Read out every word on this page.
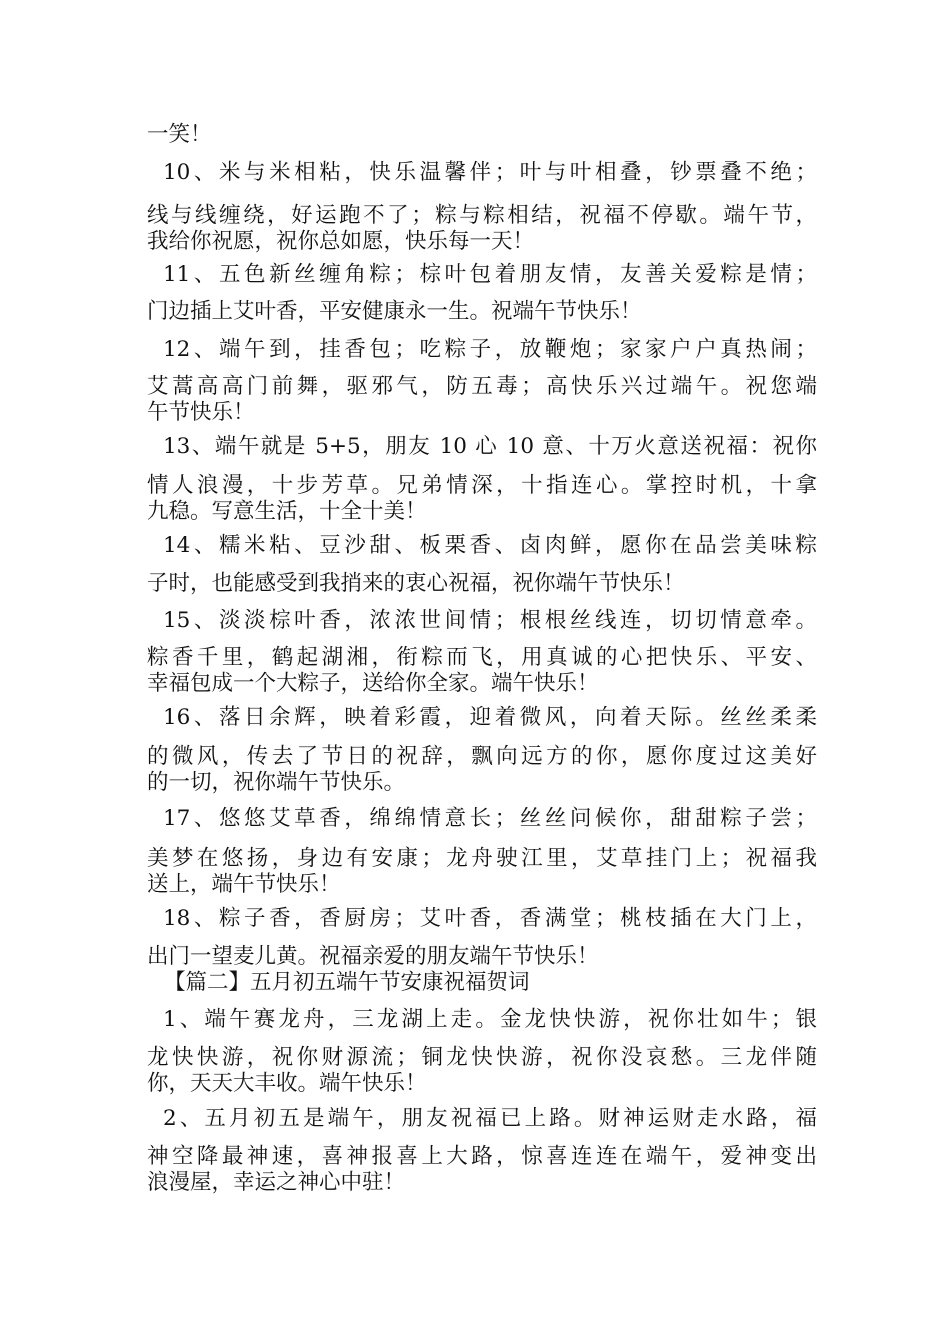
一笑！
10、米与米相粘，快乐温馨伴；叶与叶相叠，钞票叠不绝；
线与线缠绕，好运跑不了；粽与粽相结，祝福不停歇。端午节，
我给你祝愿，祝你总如愿，快乐每一天！
11、五色新丝缠角粽；棕叶包着朋友情，友善关爱粽是情；
门边插上艾叶香，平安健康永一生。祝端午节快乐！
12、端午到，挂香包；吃粽子，放鞭炮；家家户户真热闹；
艾蒿高高门前舞，驱邪气，防五毒；高快乐兴过端午。祝您端
午节快乐！
13、端午就是 5+5，朋友 10 心 10 意、十万火意送祝福：祝你
情人浪漫，十步芳草。兄弟情深，十指连心。掌控时机，十拿
九稳。写意生活，十全十美！
14、糯米粘、豆沙甜、板栗香、卤肉鲜，愿你在品尝美味粽
子时，也能感受到我捎来的衷心祝福，祝你端午节快乐！
15、淡淡棕叶香，浓浓世间情；根根丝线连，切切情意牵。
粽香千里，鹤起湖湘，衔粽而飞，用真诚的心把快乐、平安、
幸福包成一个大粽子，送给你全家。端午快乐！
16、落日余辉，映着彩霞，迎着微风，向着天际。丝丝柔柔
的微风，传去了节日的祝辞，飘向远方的你，愿你度过这美好
的一切，祝你端午节快乐。
17、悠悠艾草香，绵绵情意长；丝丝问候你，甜甜粽子尝；
美梦在悠扬，身边有安康；龙舟驶江里，艾草挂门上；祝福我
送上，端午节快乐！
18、粽子香，香厨房；艾叶香，香满堂；桃枝插在大门上，
出门一望麦儿黄。祝福亲爱的朋友端午节快乐！
【篇二】五月初五端午节安康祝福贺词
1、端午赛龙舟，三龙湖上走。金龙快快游，祝你壮如牛；银
龙快快游，祝你财源流；铜龙快快游，祝你没哀愁。三龙伴随
你，天天大丰收。端午快乐！
2、五月初五是端午，朋友祝福已上路。财神运财走水路，福
神空降最神速，喜神报喜上大路，惊喜连连在端午，爱神变出
浪漫屋，幸运之神心中驻！
